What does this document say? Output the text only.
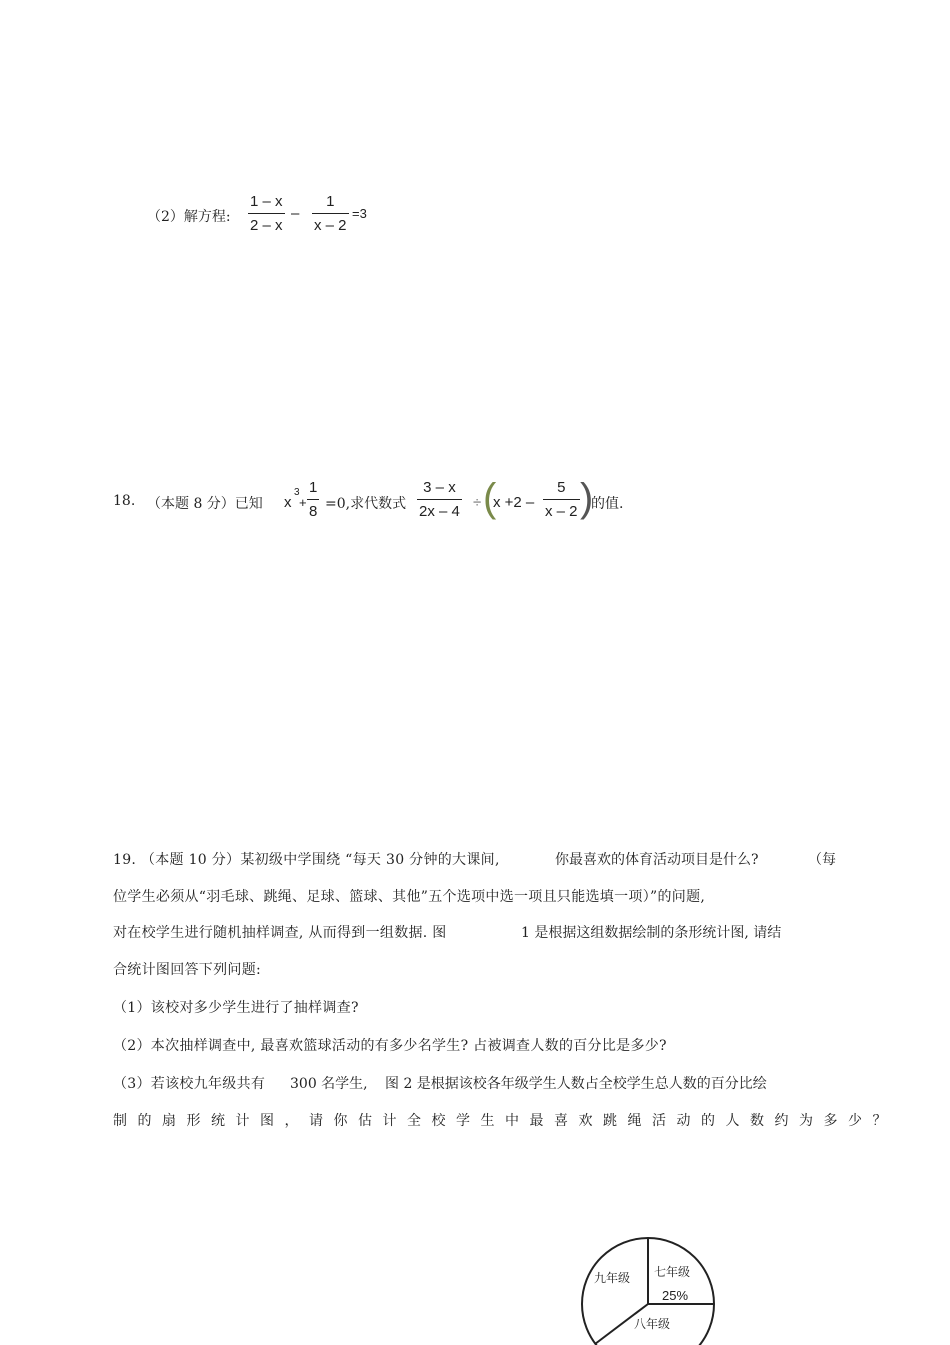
（2）解方程:
1 – x
2 – x
–
1
x – 2
=3
18. （本题 8 分）已知 x
3
+
1
8 =0,求代数式
3 – x
2x – 4
÷ (
x +2 –
5
x – 2 )
的值.
19. （本题 10 分）某初级中学围绕 “每天 30 分钟的大课间,	你最喜欢的体育活动项目是什么?	（每
位学生必须从“羽毛球、跳绳、足球、篮球、其他”五个选项中选一项且只能选填一项）”的问题,
对在校学生进行随机抽样调查, 从而得到一组数据. 图	1 是根据这组数据绘制的条形统计图, 请结
合统计图回答下列问题:
（1）该校对多少学生进行了抽样调查?
（2）本次抽样调查中, 最喜欢篮球活动的有多少名学生? 占被调查人数的百分比是多少?
（3）若该校九年级共有 300 名学生, 图 2 是根据该校各年级学生人数占全校学生总人数的百分比绘
制的扇形统计图，请你估计全校学生中最喜欢跳绳活动的人数约为多少？
七年级
25%
八年级
九年级
